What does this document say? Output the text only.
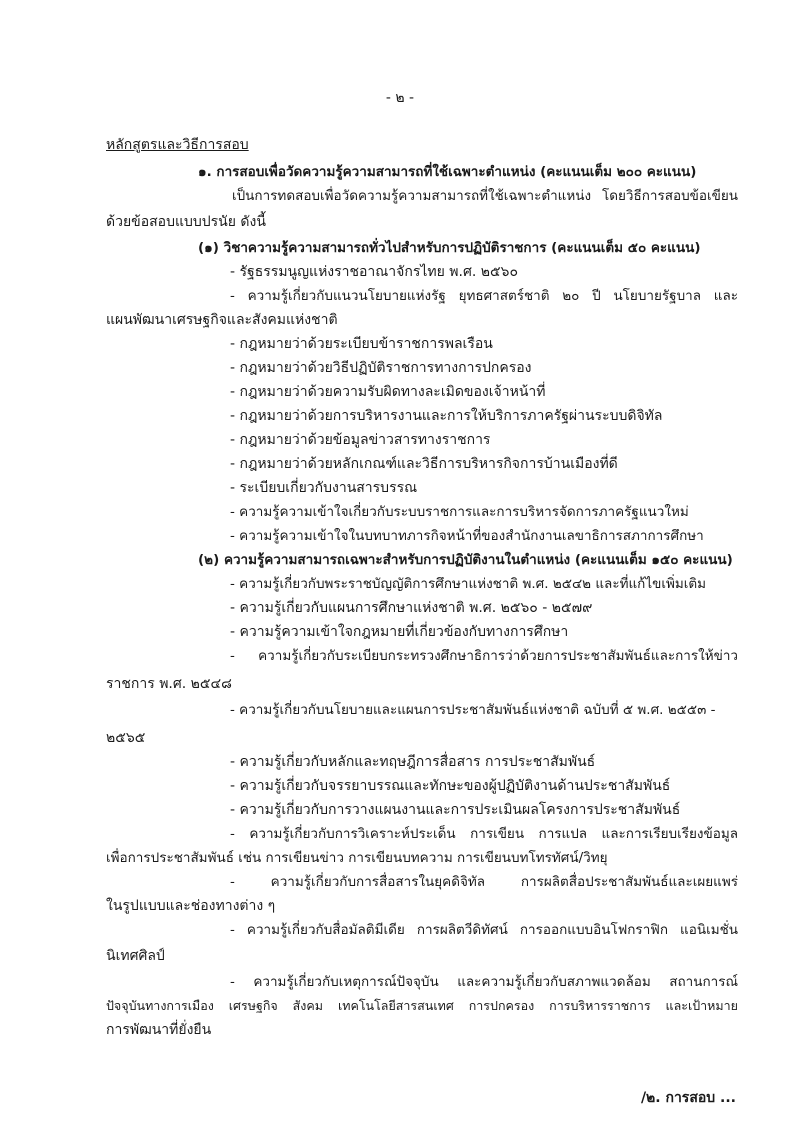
- ๒ -
หลักสูตรและวิธีการสอบ
๑. การสอบเพื่อวัดความรู้ความสามารถที่ใช้เฉพาะตำแหน่ง (คะแนนเต็ม ๒๐๐ คะแนน)
เป็นการทดสอบเพื่อวัดความรู้ความสามารถที่ใช้เฉพาะตำแหน่ง โดยวิธีการสอบข้อเขียน
ด้วยข้อสอบแบบปรนัย ดังนี้
(๑) วิชาความรู้ความสามารถทั่วไปสำหรับการปฏิบัติราชการ (คะแนนเต็ม ๕๐ คะแนน)
- รัฐธรรมนูญแห่งราชอาณาจักรไทย พ.ศ. ๒๕๖๐
- ความรู้เกี่ยวกับแนวนโยบายแห่งรัฐ ยุทธศาสตร์ชาติ ๒๐ ปี นโยบายรัฐบาล และ
แผนพัฒนาเศรษฐกิจและสังคมแห่งชาติ
- กฎหมายว่าด้วยระเบียบข้าราชการพลเรือน
- กฎหมายว่าด้วยวิธีปฏิบัติราชการทางการปกครอง
- กฎหมายว่าด้วยความรับผิดทางละเมิดของเจ้าหน้าที่
- กฎหมายว่าด้วยการบริหารงานและการให้บริการภาครัฐผ่านระบบดิจิทัล
- กฎหมายว่าด้วยข้อมูลข่าวสารทางราชการ
- กฎหมายว่าด้วยหลักเกณฑ์และวิธีการบริหารกิจการบ้านเมืองที่ดี
- ระเบียบเกี่ยวกับงานสารบรรณ
- ความรู้ความเข้าใจเกี่ยวกับระบบราชการและการบริหารจัดการภาครัฐแนวใหม่
- ความรู้ความเข้าใจในบทบาทภารกิจหน้าที่ของสำนักงานเลขาธิการสภาการศึกษา
(๒) ความรู้ความสามารถเฉพาะสำหรับการปฏิบัติงานในตำแหน่ง (คะแนนเต็ม ๑๕๐ คะแนน)
- ความรู้เกี่ยวกับพระราชบัญญัติการศึกษาแห่งชาติ พ.ศ. ๒๕๔๒ และที่แก้ไขเพิ่มเติม
- ความรู้เกี่ยวกับแผนการศึกษาแห่งชาติ พ.ศ. ๒๕๖๐ - ๒๕๗๙
- ความรู้ความเข้าใจกฎหมายที่เกี่ยวข้องกับทางการศึกษา
- ความรู้เกี่ยวกับระเบียบกระทรวงศึกษาธิการว่าด้วยการประชาสัมพันธ์และการให้ข่าว
ราชการ พ.ศ. ๒๕๔๘
- ความรู้เกี่ยวกับนโยบายและแผนการประชาสัมพันธ์แห่งชาติ ฉบับที่ ๕ พ.ศ. ๒๕๕๓ -
๒๕๖๕
- ความรู้เกี่ยวกับหลักและทฤษฎีการสื่อสาร การประชาสัมพันธ์
- ความรู้เกี่ยวกับจรรยาบรรณและทักษะของผู้ปฏิบัติงานด้านประชาสัมพันธ์
- ความรู้เกี่ยวกับการวางแผนงานและการประเมินผลโครงการประชาสัมพันธ์
- ความรู้เกี่ยวกับการวิเคราะห์ประเด็น การเขียน การแปล และการเรียบเรียงข้อมูล
เพื่อการประชาสัมพันธ์ เช่น การเขียนข่าว การเขียนบทความ การเขียนบทโทรทัศน์/วิทยุ
- ความรู้เกี่ยวกับการสื่อสารในยุคดิจิทัล การผลิตสื่อประชาสัมพันธ์และเผยแพร่
ในรูปแบบและช่องทางต่าง ๆ
- ความรู้เกี่ยวกับสื่อมัลติมีเดีย การผลิตวีดิทัศน์ การออกแบบอินโฟกราฟิก แอนิเมชั่น
นิเทศศิลป์
- ความรู้เกี่ยวกับเหตุการณ์ปัจจุบัน และความรู้เกี่ยวกับสภาพแวดล้อม สถานการณ์
ปัจจุบันทางการเมือง เศรษฐกิจ สังคม เทคโนโลยีสารสนเทศ การปกครอง การบริหารราชการ และเป้าหมาย
การพัฒนาที่ยั่งยืน
/๒. การสอบ ...
